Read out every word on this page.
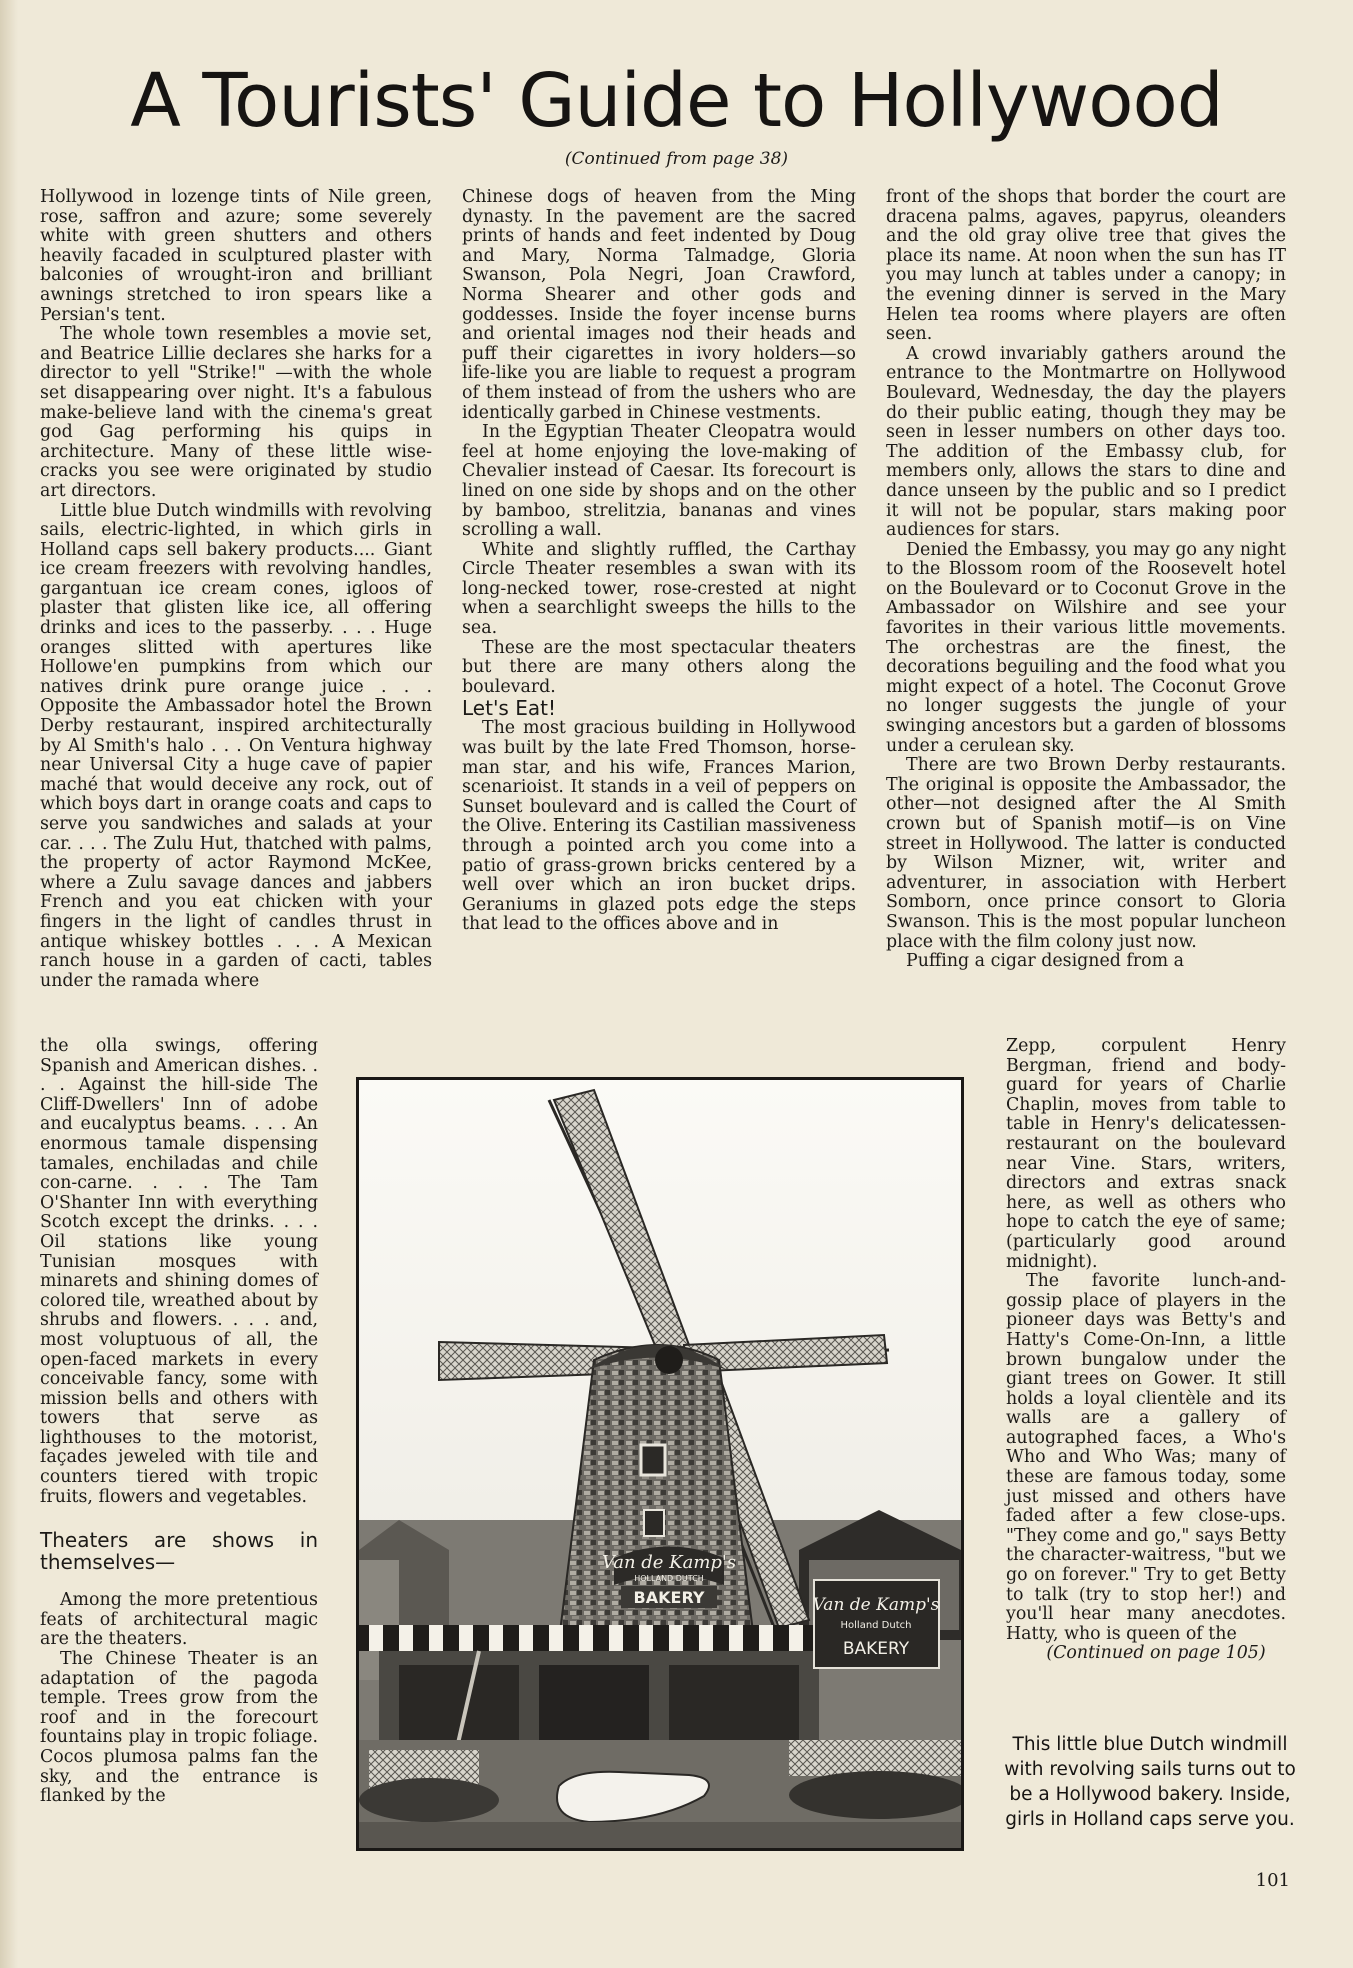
A Tourists' Guide to Hollywood
(Continued from page 38)

Hollywood in lozenge tints of Nile green, rose, saffron and azure; some severely white with green shutters and others heavily facaded in sculptured plaster with balconies of wrought-iron and brilliant awnings stretched to iron spears like a Persian's tent.

The whole town resembles a movie set, and Beatrice Lillie declares she harks for a director to yell "Strike!" —with the whole set disappearing over night. It's a fabulous make-believe land with the cinema's great god Gag performing his quips in architecture. Many of these little wise-cracks you see were originated by studio art directors.

Little blue Dutch windmills with revolving sails, electric-lighted, in which girls in Holland caps sell bakery products.... Giant ice cream freezers with revolving handles, gargantuan ice cream cones, igloos of plaster that glisten like ice, all offering drinks and ices to the passerby. . . . Huge oranges slitted with apertures like Hollowe'en pumpkins from which our natives drink pure orange juice . . . Opposite the Ambassador hotel the Brown Derby restaurant, inspired architecturally by Al Smith's halo . . . On Ventura highway near Universal City a huge cave of papier maché that would deceive any rock, out of which boys dart in orange coats and caps to serve you sandwiches and salads at your car. . . . The Zulu Hut, thatched with palms, the property of actor Raymond McKee, where a Zulu savage dances and jabbers French and you eat chicken with your fingers in the light of candles thrust in antique whiskey bottles . . . A Mexican ranch house in a garden of cacti, tables under the ramada where

the olla swings, offering Spanish and American dishes. . . . Against the hill-side The Cliff-Dwellers' Inn of adobe and eucalyptus beams. . . . An enormous tamale dispensing tamales, enchiladas and chile con-carne. . . . The Tam O'Shanter Inn with everything Scotch except the drinks. . . . Oil stations like young Tunisian mosques with minarets and shining domes of colored tile, wreathed about by shrubs and flowers. . . . and, most voluptuous of all, the open-faced markets in every conceivable fancy, some with mission bells and others with towers that serve as lighthouses to the motorist, façades jeweled with tile and counters tiered with tropic fruits, flowers and vegetables.

Theaters are shows in themselves—

Among the more pretentious feats of architectural magic are the theaters.

The Chinese Theater is an adaptation of the pagoda temple. Trees grow from the roof and in the forecourt fountains play in tropic foliage. Cocos plumosa palms fan the sky, and the entrance is flanked by the

Chinese dogs of heaven from the Ming dynasty. In the pavement are the sacred prints of hands and feet indented by Doug and Mary, Norma Talmadge, Gloria Swanson, Pola Negri, Joan Crawford, Norma Shearer and other gods and goddesses. Inside the foyer incense burns and oriental images nod their heads and puff their cigarettes in ivory holders—so life-like you are liable to request a program of them instead of from the ushers who are identically garbed in Chinese vestments.

In the Egyptian Theater Cleopatra would feel at home enjoying the love-making of Chevalier instead of Caesar. Its forecourt is lined on one side by shops and on the other by bamboo, strelitzia, bananas and vines scrolling a wall.

White and slightly ruffled, the Carthay Circle Theater resembles a swan with its long-necked tower, rose-crested at night when a searchlight sweeps the hills to the sea.

These are the most spectacular theaters but there are many others along the boulevard.

Let's Eat!

The most gracious building in Hollywood was built by the late Fred Thomson, horse-man star, and his wife, Frances Marion, scenarioist. It stands in a veil of peppers on Sunset boulevard and is called the Court of the Olive. Entering its Castilian massiveness through a pointed arch you come into a patio of grass-grown bricks centered by a well over which an iron bucket drips. Geraniums in glazed pots edge the steps that lead to the offices above and in

front of the shops that border the court are dracena palms, agaves, papyrus, oleanders and the old gray olive tree that gives the place its name. At noon when the sun has IT you may lunch at tables under a canopy; in the evening dinner is served in the Mary Helen tea rooms where players are often seen.

A crowd invariably gathers around the entrance to the Montmartre on Hollywood Boulevard, Wednesday, the day the players do their public eating, though they may be seen in lesser numbers on other days too. The addition of the Embassy club, for members only, allows the stars to dine and dance unseen by the public and so I predict it will not be popular, stars making poor audiences for stars.

Denied the Embassy, you may go any night to the Blossom room of the Roosevelt hotel on the Boulevard or to Coconut Grove in the Ambassador on Wilshire and see your favorites in their various little movements. The orchestras are the finest, the decorations beguiling and the food what you might expect of a hotel. The Coconut Grove no longer suggests the jungle of your swinging ancestors but a garden of blossoms under a cerulean sky.

There are two Brown Derby restaurants. The original is opposite the Ambassador, the other—not designed after the Al Smith crown but of Spanish motif—is on Vine street in Hollywood. The latter is conducted by Wilson Mizner, wit, writer and adventurer, in association with Herbert Somborn, once prince consort to Gloria Swanson. This is the most popular luncheon place with the film colony just now.

Puffing a cigar designed from a

Zepp, corpulent Henry Bergman, friend and body-guard for years of Charlie Chaplin, moves from table to table in Henry's delicatessen-restaurant on the boulevard near Vine. Stars, writers, directors and extras snack here, as well as others who hope to catch the eye of same; (particularly good around midnight).

The favorite lunch-and-gossip place of players in the pioneer days was Betty's and Hatty's Come-On-Inn, a little brown bungalow under the giant trees on Gower. It still holds a loyal clientèle and its walls are a gallery of autographed faces, a Who's Who and Who Was; many of these are famous today, some just missed and others have faded after a few close-ups. "They come and go," says Betty the character-waitress, "but we go on forever." Try to get Betty to talk (try to stop her!) and you'll hear many anecdotes. Hatty, who is queen of the

(Continued on page 105)

Van de Kamp's
HOLLAND DUTCH
BAKERY	Van de Kamp's
Holland Dutch
BAKERY

This little blue Dutch windmill with revolving sails turns out to be a Hollywood bakery. Inside, girls in Holland caps serve you.

101
